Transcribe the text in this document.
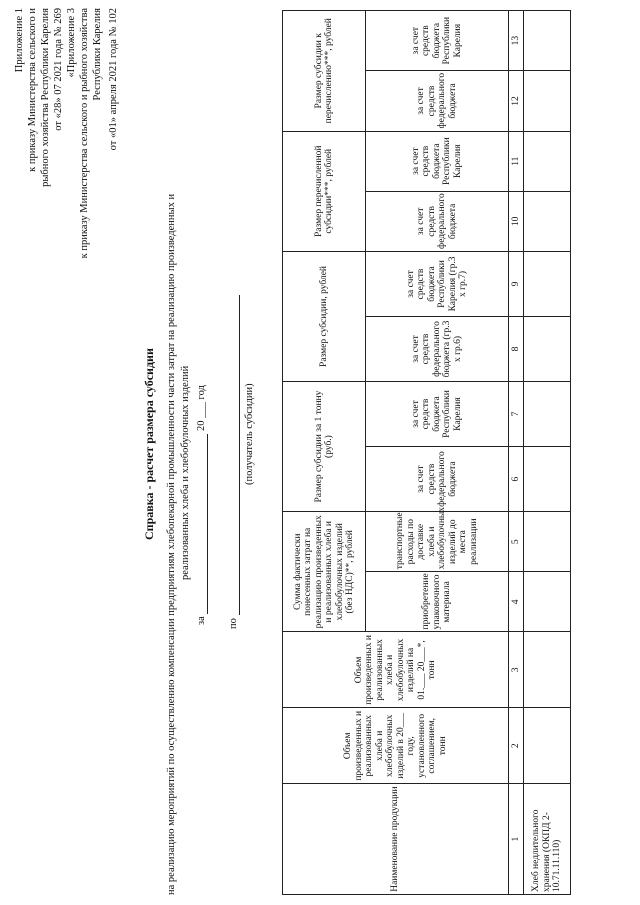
Приложение 1 к приказу Министерства сельского и рыбного хозяйства Республики Карелия от «28» 07 2021 года № 269 «Приложение 3 к приказу Министерства сельского и рыбного хозяйства Республики Карелия от «01» апреля 2021 года № 102
Справка - расчет размера субсидии на реализацию мероприятий по осуществлению компенсации предприятиям хлебопекарной промышленности части затрат на реализацию произведенных и реализованных хлеба и хлебобулочных изделий
за   20 ___ год
по
(получатель субсидии)
Наименование продукции	Объем произведенных и реализованных хлеба и хлебобулочных изделий в 20___ году, установленного соглашением, тонн	Объем произведенных и реализованных хлеба и хлебобулочных изделий на 01.___ 20___*, тонн	Сумма фактически понесенных затрат на реализацию произведенных и реализованных хлеба и хлебобулочных изделий (без НДС)**, рублей		Размер субсидии за 1 тонну (руб.)		Размер субсидии, рублей		Размер перечисленной субсидии***, рублей		Размер субсидии к перечислению***, рублей	
			приобретение упаковочного материала	транспортные расходы по доставке хлеба и хлебобулочных изделий до места реализации	за счет средств федерального бюджета	за счет средств бюджета Республики Карелия	за счет средств федерального бюджета (гр.3 х гр.6)	за счет средств бюджета Республики Карелия (гр.3 х гр.7)	за счет средств федерального бюджета	за счет средств бюджета Республики Карелия	за счет средств федерального бюджета	за счет средств бюджета Республики Карелия
1	2	3	4	5	6	7	8	9	10	11	12	13
Хлеб недлительного хранения (ОКПД 2-10.71.11.110)												
